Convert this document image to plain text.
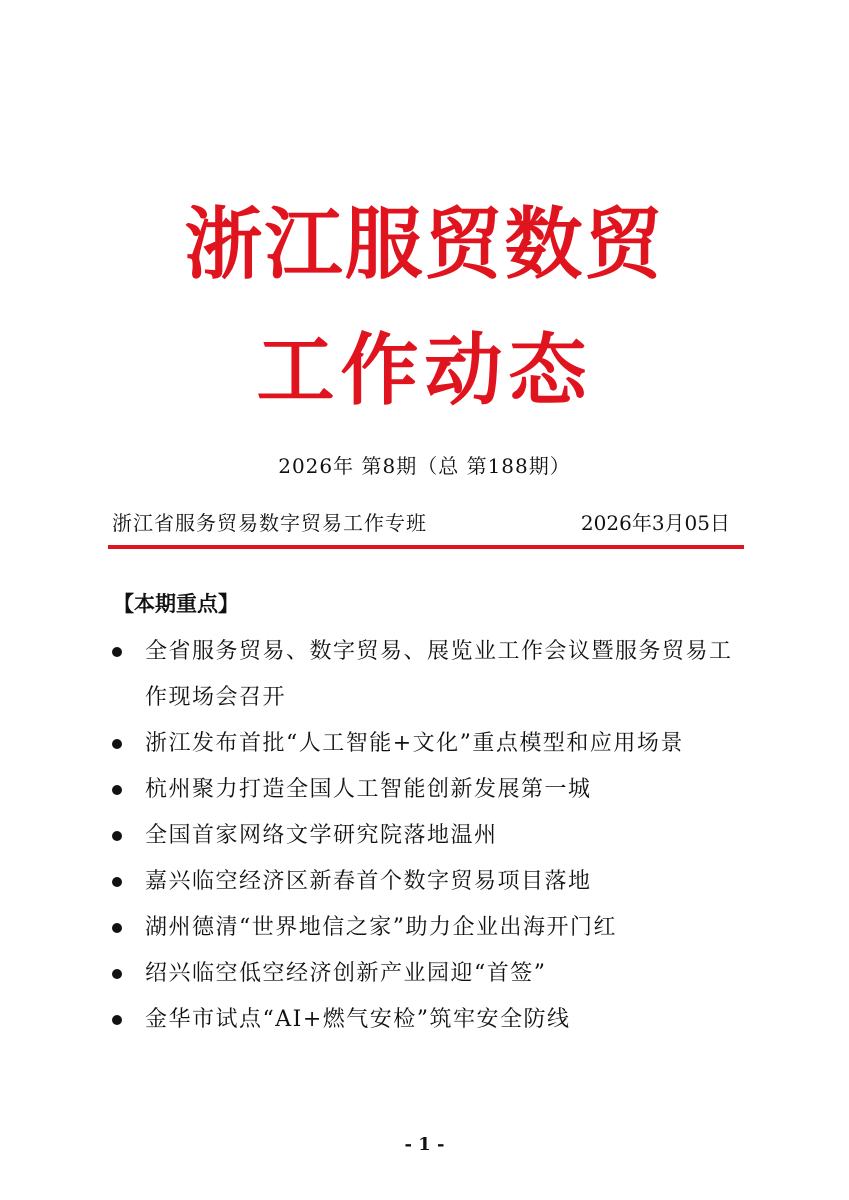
浙江服贸数贸
工作动态
2026年 第8期（总 第188期）
浙江省服务贸易数字贸易工作专班	2026年3月05日
【本期重点】
全省服务贸易、数字贸易、展览业工作会议暨服务贸易工作现场会召开
浙江发布首批“人工智能+文化”重点模型和应用场景
杭州聚力打造全国人工智能创新发展第一城
全国首家网络文学研究院落地温州
嘉兴临空经济区新春首个数字贸易项目落地
湖州德清“世界地信之家”助力企业出海开门红
绍兴临空低空经济创新产业园迎“首签”
金华市试点“AI+燃气安检”筑牢安全防线
- 1 -
